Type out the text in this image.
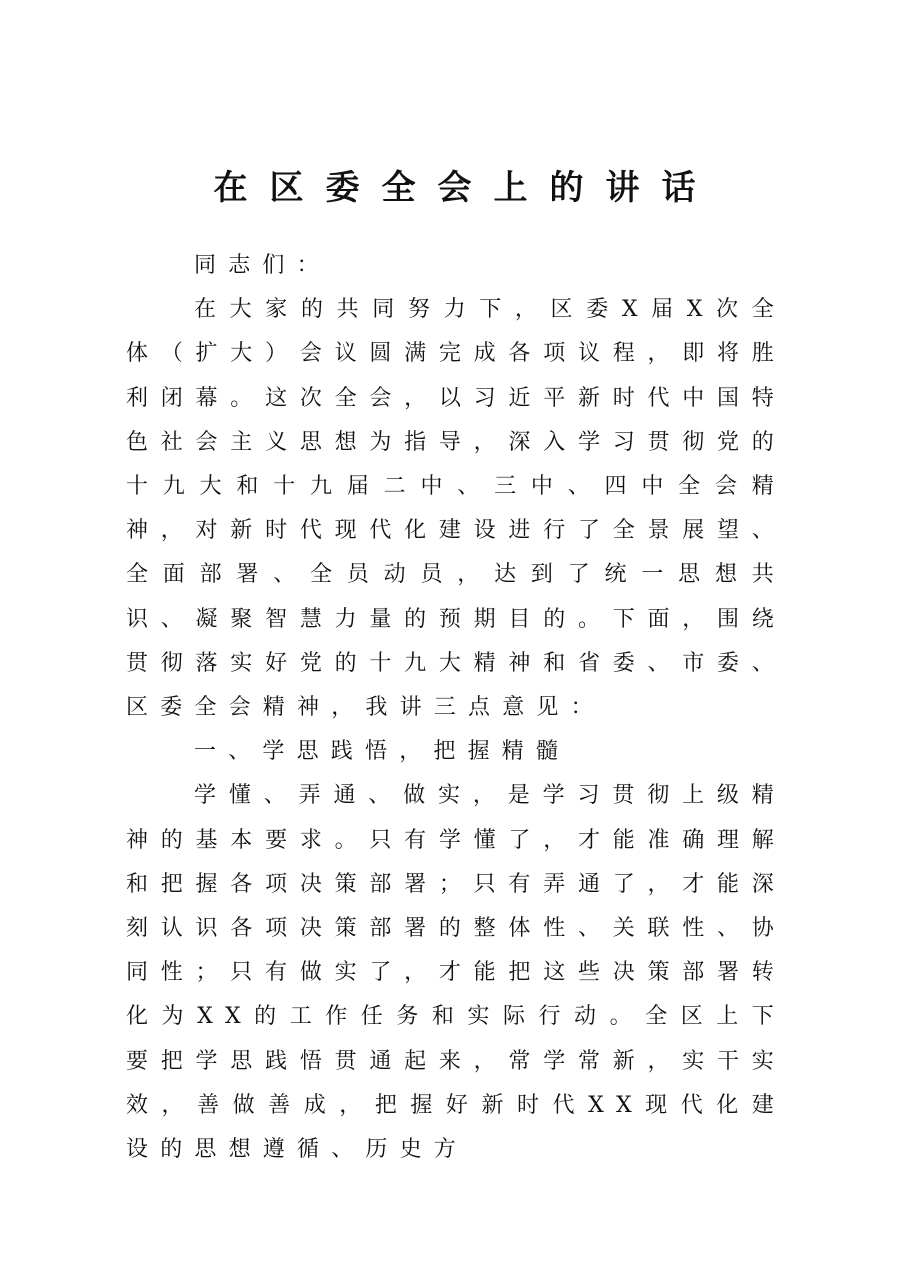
在区委全会上的讲话

同志们：

在大家的共同努力下，区委X届X次全体（扩大）会议圆满完成各项议程，即将胜利闭幕。这次全会，以习近平新时代中国特色社会主义思想为指导，深入学习贯彻党的十九大和十九届二中、三中、四中全会精神，对新时代现代化建设进行了全景展望、全面部署、全员动员，达到了统一思想共识、凝聚智慧力量的预期目的。下面，围绕贯彻落实好党的十九大精神和省委、市委、区委全会精神，我讲三点意见：

一、学思践悟，把握精髓

学懂、弄通、做实，是学习贯彻上级精神的基本要求。只有学懂了，才能准确理解和把握各项决策部署；只有弄通了，才能深刻认识各项决策部署的整体性、关联性、协同性；只有做实了，才能把这些决策部署转化为XX的工作任务和实际行动。全区上下要把学思践悟贯通起来，常学常新，实干实效，善做善成，把握好新时代XX现代化建设的思想遵循、历史方
